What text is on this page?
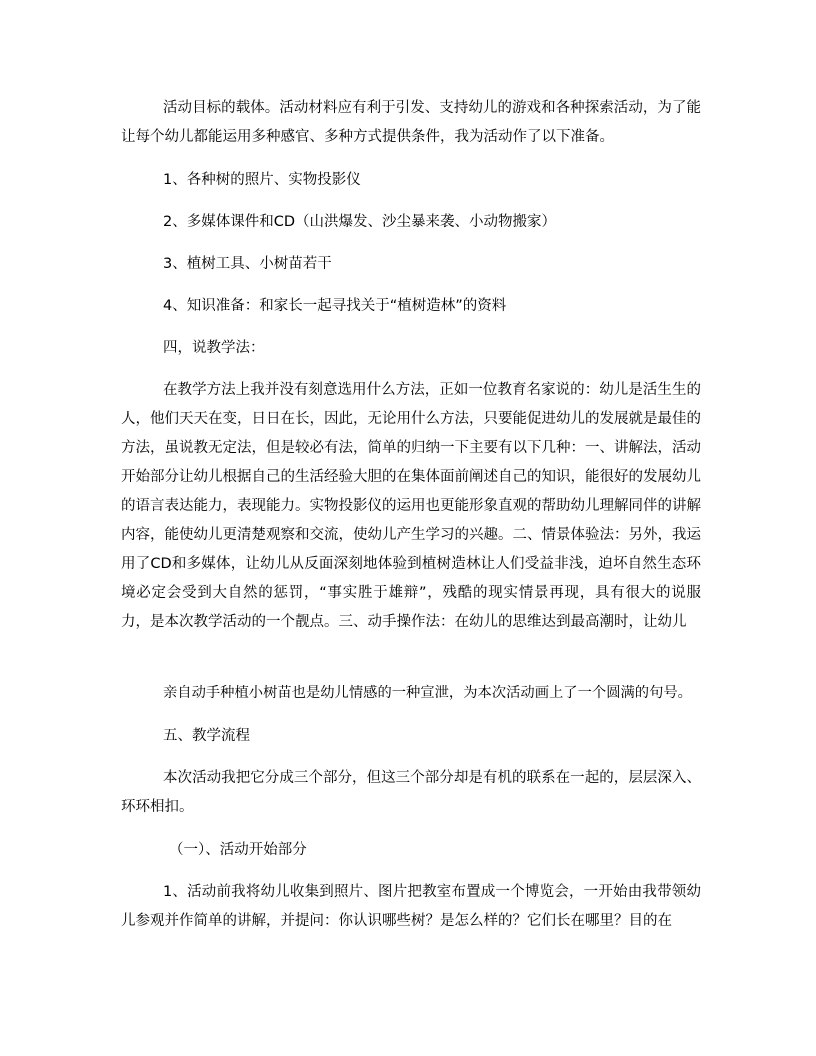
活动目标的载体。活动材料应有利于引发、支持幼儿的游戏和各种探索活动，为了能让每个幼儿都能运用多种感官、多种方式提供条件，我为活动作了以下准备。

1、各种树的照片、实物投影仪

2、多媒体课件和CD（山洪爆发、沙尘暴来袭、小动物搬家）

3、植树工具、小树苗若干

4、知识准备：和家长一起寻找关于“植树造林”的资料

四，说教学法：

在教学方法上我并没有刻意选用什么方法，正如一位教育名家说的：幼儿是活生生的人，他们天天在变，日日在长，因此，无论用什么方法，只要能促进幼儿的发展就是最佳的方法，虽说教无定法，但是较必有法，简单的归纳一下主要有以下几种：一、讲解法，活动开始部分让幼儿根据自己的生活经验大胆的在集体面前阐述自己的知识，能很好的发展幼儿的语言表达能力，表现能力。实物投影仪的运用也更能形象直观的帮助幼儿理解同伴的讲解内容，能使幼儿更清楚观察和交流，使幼儿产生学习的兴趣。二、情景体验法：另外，我运用了CD和多媒体，让幼儿从反面深刻地体验到植树造林让人们受益非浅，迫坏自然生态环境必定会受到大自然的惩罚，“事实胜于雄辩”，残酷的现实情景再现，具有很大的说服力，是本次教学活动的一个靓点。三、动手操作法：在幼儿的思维达到最高潮时，让幼儿

亲自动手种植小树苗也是幼儿情感的一种宣泄，为本次活动画上了一个圆满的句号。

五、教学流程

本次活动我把它分成三个部分，但这三个部分却是有机的联系在一起的，层层深入、环环相扣。

（一）、活动开始部分

1、活动前我将幼儿收集到照片、图片把教室布置成一个博览会，一开始由我带领幼儿参观并作简单的讲解，并提问：你认识哪些树？是怎么样的？它们长在哪里？目的在
